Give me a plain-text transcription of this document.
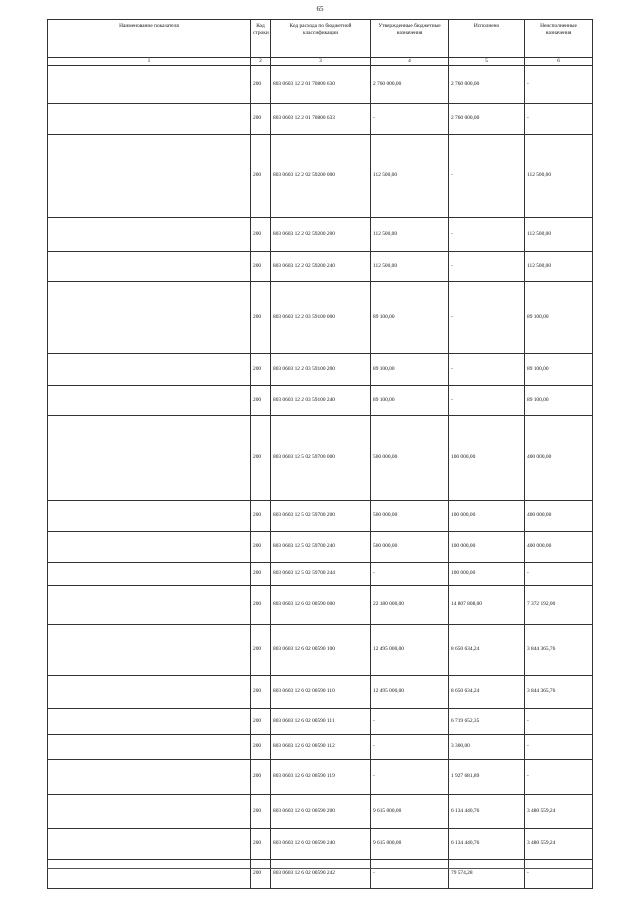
65
Наименование показателя	Код строки	Код расхода по бюджетной классификации	Утвержденные бюджетные назначения	Исполнено	Неисполненные назначения
1	2	3	4	5	6
	200	803 0603 12 2 01 70800 630	2 760 000,00	2 760 000,00	-
	200	803 0603 12 2 01 70800 633	-	2 760 000,00	-
	200	803 0603 12 2 02 59200 000	112 500,00	-	112 500,00
	200	803 0603 12 2 02 59200 200	112 500,00	-	112 500,00
	200	803 0603 12 2 02 59200 240	112 500,00	-	112 500,00
	200	803 0603 12 2 03 59100 000	89 100,00	-	89 100,00
	200	803 0603 12 2 03 59100 200	89 100,00	-	89 100,00
	200	803 0603 12 2 03 59100 240	89 100,00	-	89 100,00
	200	803 0603 12 5 02 59700 000	500 000,00	100 000,00	400 000,00
	200	803 0603 12 5 02 59700 200	500 000,00	100 000,00	400 000,00
	200	803 0603 12 5 02 59700 240	500 000,00	100 000,00	400 000,00
	200	803 0603 12 5 02 59700 244	-	100 000,00	-
	200	803 0603 12 6 02 00590 000	22 180 000,00	14 807 808,00	7 372 192,00
	200	803 0603 12 6 02 00590 100	12 495 000,00	8 650 634,24	3 844 365,76
	200	803 0603 12 6 02 00590 110	12 495 000,00	8 650 634,24	3 844 365,76
	200	803 0603 12 6 02 00590 111	-	6 719 652,35	-
	200	803 0603 12 6 02 00590 112	-	3 300,00	-
	200	803 0603 12 6 02 00590 119	-	1 927 681,89	-
	200	803 0603 12 6 02 00590 200	9 615 000,00	6 134 440,76	3 480 559,24
	200	803 0603 12 6 02 00590 240	9 615 000,00	6 134 440,76	3 480 559,24
	200	803 0603 12 6 02 00590 242	-	79 574,28	-
